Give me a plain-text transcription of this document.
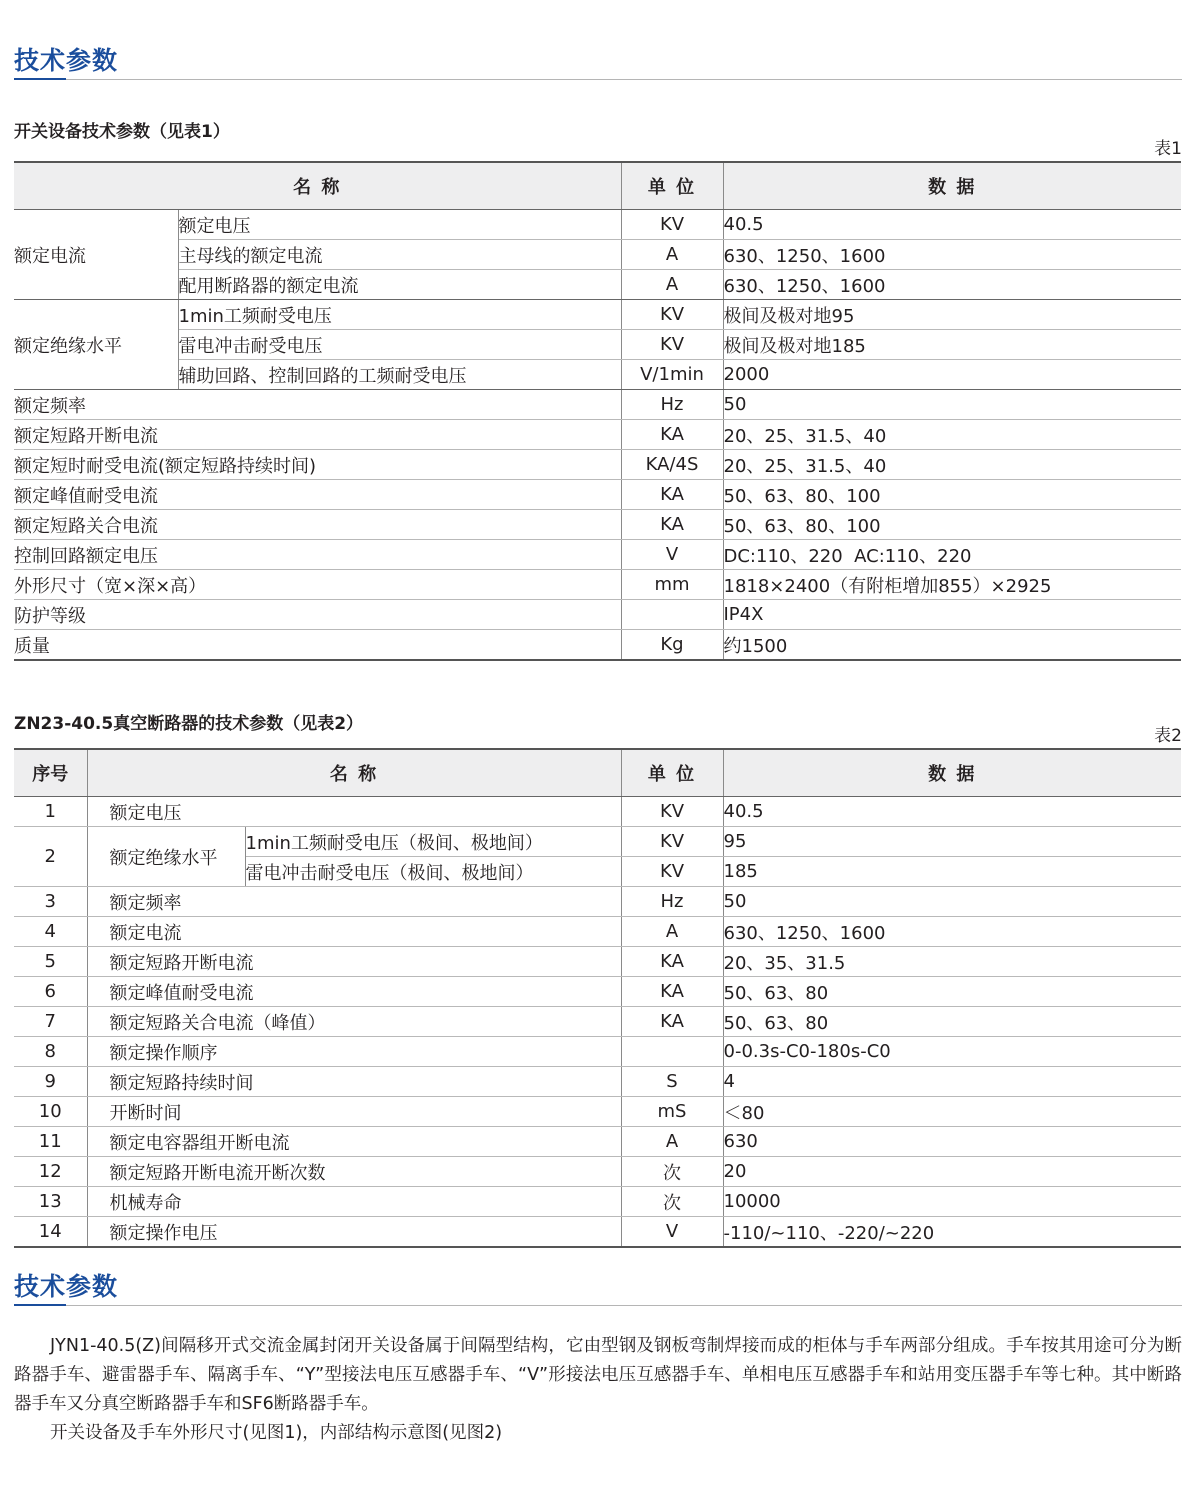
技术参数
开关设备技术参数（见表1）
表1
名 称		单 位	数 据
额定电流	额定电压	KV	40.5
	主母线的额定电流	A	630、1250、1600
	配用断路器的额定电流	A	630、1250、1600
额定绝缘水平	1min工频耐受电压	KV	极间及极对地95
	雷电冲击耐受电压	KV	极间及极对地185
	辅助回路、控制回路的工频耐受电压	V/1min	2000
额定频率		Hz	50
额定短路开断电流		KA	20、25、31.5、40
额定短时耐受电流(额定短路持续时间)		KA/4S	20、25、31.5、40
额定峰值耐受电流		KA	50、63、80、100
额定短路关合电流		KA	50、63、80、100
控制回路额定电压		V	DC:110、220  AC:110、220
外形尺寸（宽×深×高）		mm	1818×2400（有附柜增加855）×2925
防护等级			IP4X
质量		Kg	约1500
ZN23-40.5真空断路器的技术参数（见表2）
表2
序号	名 称		单 位	数 据
1	额定电压		KV	40.5
2	额定绝缘水平	1min工频耐受电压（极间、极地间）	KV	95
		雷电冲击耐受电压（极间、极地间）	KV	185
3	额定频率		Hz	50
4	额定电流		A	630、1250、1600
5	额定短路开断电流		KA	20、35、31.5
6	额定峰值耐受电流		KA	50、63、80
7	额定短路关合电流（峰值）		KA	50、63、80
8	额定操作顺序			0-0.3s-C0-180s-C0
9	额定短路持续时间		S	4
10	开断时间		mS	＜80
11	额定电容器组开断电流		A	630
12	额定短路开断电流开断次数		次	20
13	机械寿命		次	10000
14	额定操作电压		V	-110/~110、-220/~220
技术参数

JYN1-40.5(Z)间隔移开式交流金属封闭开关设备属于间隔型结构，它由型钢及钢板弯制焊接而成的柜体与手车两部分组成。手车按其用途可分为断路器手车、避雷器手车、隔离手车、“Y”型接法电压互感器手车、“V”形接法电压互感器手车、单相电压互感器手车和站用变压器手车等七种。其中断路器手车又分真空断路器手车和SF6断路器手车。

开关设备及手车外形尺寸(见图1)，内部结构示意图(见图2)
